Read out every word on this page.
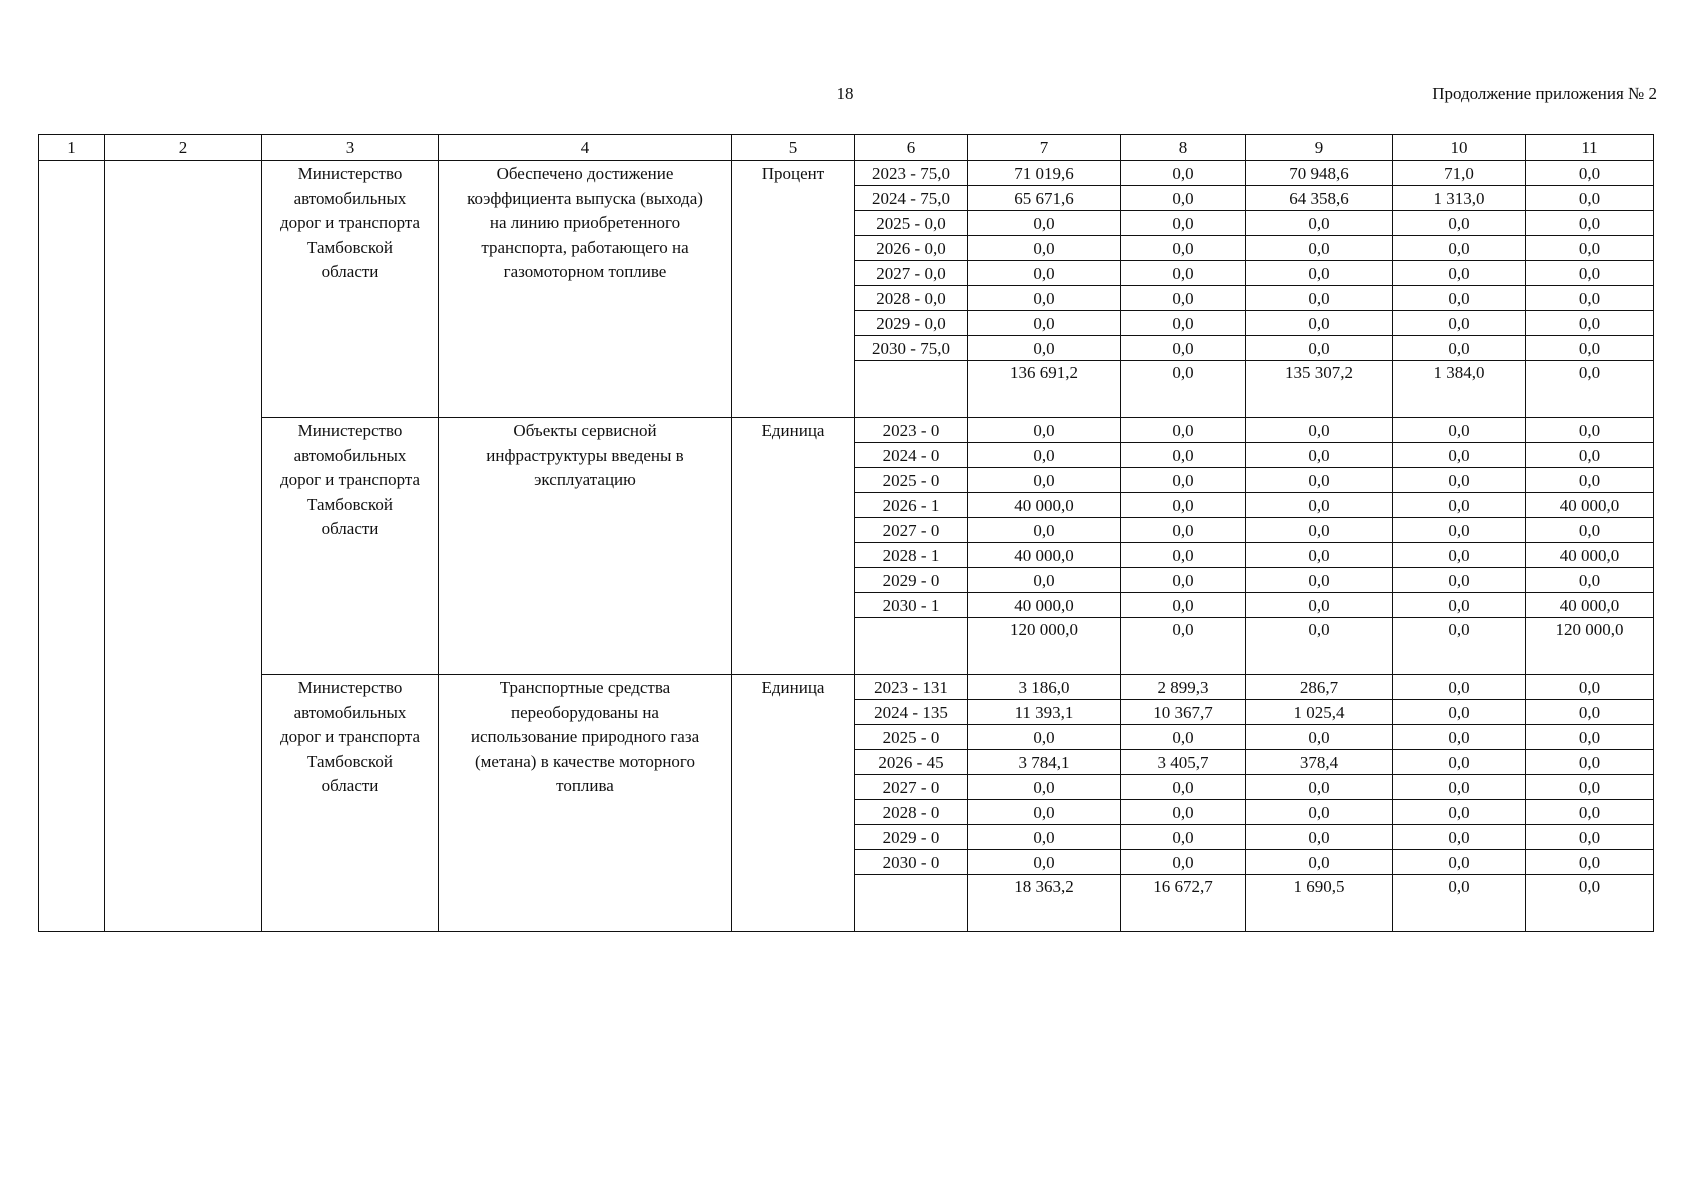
18	Продолжение приложения № 2
1	2	3	4	5	6	7	8	9	10	11

		Министерство
автомобильных
дорог и транспорта
Тамбовской
области	Обеспечено достижение
коэффициента выпуска (выхода)
на линию приобретенного
транспорта, работающего на
газомоторном топливе	Процент	2023 - 75,0	71 019,6	0,0	70 948,6	71,0	0,0
					2024 - 75,0	65 671,6	0,0	64 358,6	1 313,0	0,0
					2025 - 0,0	0,0	0,0	0,0	0,0	0,0
					2026 - 0,0	0,0	0,0	0,0	0,0	0,0
					2027 - 0,0	0,0	0,0	0,0	0,0	0,0
					2028 - 0,0	0,0	0,0	0,0	0,0	0,0
					2029 - 0,0	0,0	0,0	0,0	0,0	0,0
					2030 - 75,0	0,0	0,0	0,0	0,0	0,0
						136 691,2	0,0	135 307,2	1 384,0	0,0

		Министерство
автомобильных
дорог и транспорта
Тамбовской
области	Объекты сервисной
инфраструктуры введены в
эксплуатацию	Единица	2023 - 0	0,0	0,0	0,0	0,0	0,0
					2024 - 0	0,0	0,0	0,0	0,0	0,0
					2025 - 0	0,0	0,0	0,0	0,0	0,0
					2026 - 1	40 000,0	0,0	0,0	0,0	40 000,0
					2027 - 0	0,0	0,0	0,0	0,0	0,0
					2028 - 1	40 000,0	0,0	0,0	0,0	40 000,0
					2029 - 0	0,0	0,0	0,0	0,0	0,0
					2030 - 1	40 000,0	0,0	0,0	0,0	40 000,0
						120 000,0	0,0	0,0	0,0	120 000,0

		Министерство
автомобильных
дорог и транспорта
Тамбовской
области	Транспортные средства
переоборудованы на
использование природного газа
(метана) в качестве моторного
топлива	Единица	2023 - 131	3 186,0	2 899,3	286,7	0,0	0,0
					2024 - 135	11 393,1	10 367,7	1 025,4	0,0	0,0
					2025 - 0	0,0	0,0	0,0	0,0	0,0
					2026 - 45	3 784,1	3 405,7	378,4	0,0	0,0
					2027 - 0	0,0	0,0	0,0	0,0	0,0
					2028 - 0	0,0	0,0	0,0	0,0	0,0
					2029 - 0	0,0	0,0	0,0	0,0	0,0
					2030 - 0	0,0	0,0	0,0	0,0	0,0
						18 363,2	16 672,7	1 690,5	0,0	0,0
